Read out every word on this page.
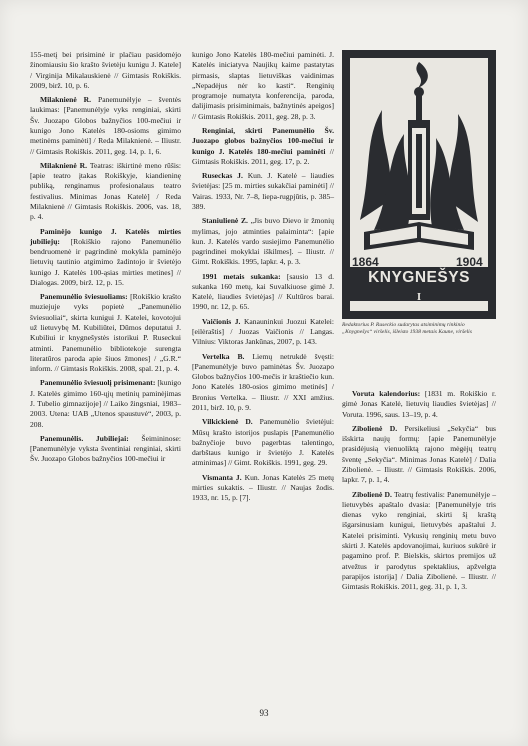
155-metį bei prisiminė ir plačiau pasidomėjo žinomiausiu šio krašto švietėju kunigu J. Katele] / Virginija Mikalauskienė // Gimtasis Rokiškis. 2009, birž. 10, p. 6.

Milaknienė R. Panemunėlyje – šventės laukimas: [Panemunėlyje vyks renginiai, skirti Šv. Juozapo Globos bažnyčios 100-mečiui ir kunigo Jono Katelės 180-osioms gimimo metinėms paminėti] / Reda Milaknienė. – Iliustr. // Gimtasis Rokiškis. 2011, geg. 14, p. 1, 6.

Milaknienė R. Teatras: iškirtinė meno rūšis: [apie teatro įtakas Rokiškyje, kiandieninę publiką, renginamus profesionalaus teatro festivalius. Minimas Jonas Katelė] / Reda Milaknienė // Gimtasis Rokiškis. 2006, vas. 18, p. 4.

Paminėjo kunigo J. Katelės mirties jubiliejų: [Rokiškio rajono Panemunėlio bendruomenė ir pagrindinė mokykla paminėjo lietuvių tautinio atgimimo žadintojo ir švietėjo kunigo J. Katelės 100-ąsias mirties metines] // Dialogas. 2009, birž. 12, p. 15.

Panemunėlio šviesuoliams: [Rokiškio krašto muziejuje vyks popietė „Panemunėlio šviesuoliai“, skirta kunigui J. Katelei, kovotojui už lietuvybę M. Kubiliūtei, Dūmos deputatui J. Kubiliui ir knygnešystės istorikui P. Ruseckui atminti. Panemunėlio bibliotekoje surengta literatūros paroda apie šiuos žmones] / „G.R.“ inform. // Gimtasis Rokiškis. 2008, spal. 21, p. 4.

Panemunėlio šviesuolį prisimenant: [kunigo J. Katelės gimimo 160-ųjų metinių paminėjimas J. Tubelio gimnazijoje] // Laiko žingsniai, 1983–2003. Utena: UAB „Utenos spaustuvė“, 2003, p. 208.

Panemunėlis. Jubiliejai: Šeimininose: [Panemunėlyje vykstа šventiniai renginiai, skirti Šv. Juozapo Globos bažnyčios 100-mečiui ir

kunigo Jono Katelės 180-mečiui paminėti. J. Katelės iniciatyva Naujikų kaime pastatytas pirmasis, slaptas lietuviškas vaidinimas „Nepadėjus nėr ko kasti“. Renginių programoje numatyta konferencija, paroda, dalijimasis prisiminimais, bažnytinės apeigos] // Gimtasis Rokiškis. 2011, geg. 28, p. 3.

Renginiai, skirti Panemunėlio Šv. Juozapo globos bažnyčios 100-mečiui ir kunigo J. Katelės 180-mečiui paminėti // Gimtasis Rokiškis. 2011, geg. 17, p. 2.

Ruseckas J. Kun. J. Katelė – liaudies švietėjas: [25 m. mirties sukakčiai paminėti] // Vairas. 1933, Nr. 7–8, liepa-rugpjūtis, p. 385–389.

Staniulienė Z. „Jis buvo Dievo ir žmonių mylimas, jojo atminties palaiminta“: [apie kun. J. Katelės vardo susiejimo Panemunėlio pagrindinei mokyklai iškilmes]. – Iliustr. // Gimt. Rokiškis. 1995, lapkr. 4, p. 3.

1991 metais sukanka: [sausio 13 d. sukanka 160 metų, kai Suvalkiuose gimė J. Katelė, liaudies švietėjas] // Kultūros barai. 1990, nr. 12, p. 65.

Vaičionis J. Kanauninkui Juozui Katelei: [eilėraštis] / Juozas Vaičionis // Langas. Vilnius: Viktoras Jankūnas, 2007, p. 143.

Vertelka B. Liemų netrukdė švęsti: [Panemunėlyje buvo paminėtas Šv. Juozapo Globos bažnyčios 100-mečis ir kraštiečio kun. Jono Katelės 180-osios gimimo metinės] / Bronius Vertelka. – Iliustr. // XXI amžius. 2011, birž. 10, p. 9.

Vilkickienė D. Panemunėlio švietėjui: Mūsų krašto istorijos puslapis [Panemunėlio bažnyčioje buvo pagerbtas talentingo, darbštaus kunigo ir švietėjo J. Katelės atminimas] // Gimt. Rokiškis. 1991, geg. 29.

Vismanta J. Kun. Jonas Katelės 25 metų mirties sukaktis. – Iliustr. // Naujas žodis. 1933, nr. 15, p. [7].

1864	1904
KNYGNEŠYS
I
Redaktorius P. Ruseckio sudarytas atsiminimų rinkinio „Knygnešys“ viršelis, išleisto 1938 metais Kaune, viršelis

Voruta kalendorius: [1831 m. Rokiškio r. gimė Jonas Katelė, lietuvių liaudies švietėjas] // Voruta. 1996, saus. 13–19, p. 4.

Zibolienė D. Persikeliusi „Sekyčia“ bus išskirta naujų formų: [apie Panemunėlyje prasidėjusią vienuoliktą rajono mėgėjų teatrų šventę „Sekyčia“. Minimas Jonas Katelė] / Dalia Zibolienė. – Iliustr. // Gimtasis Rokiškis. 2006, lapkr. 7, p. 1, 4.

Zibolienė D. Teatrų festivalis: Panemunėlyje – lietuvybės apaštalo dvasia: [Panemunėlyje tris dienas vyko renginiai, skirti šį kraštą išgarsinusiam kunigui, lietuvybės apaštalui J. Katelei prisiminti. Vykusių renginių metu buvo skirti J. Katelės apdovanojimai, kuriuos sukūrė ir pagamino prof. P. Bielskis, skirtos premijos už atvežtus ir parodytus spektaklius, apžvelgta parapijos istorija] / Dalia Zibolienė. – Iliustr. // Gimtasis Rokiškis. 2011, geg. 31, p. 1, 3.

93
